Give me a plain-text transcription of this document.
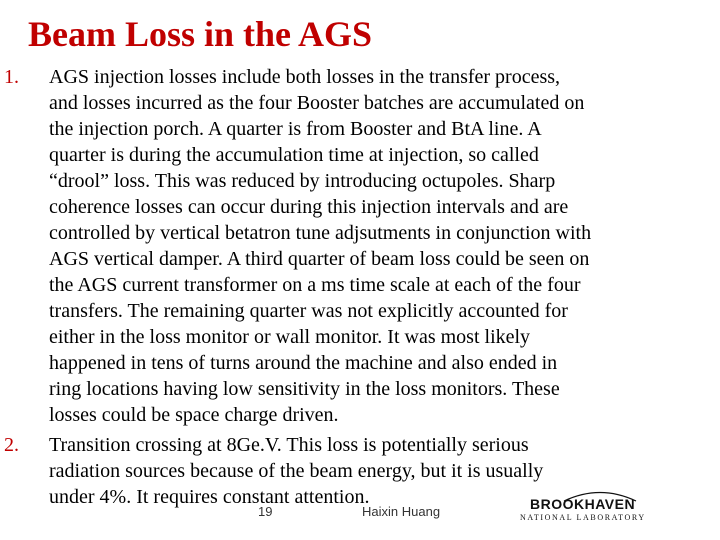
Beam Loss in the AGS
1.	AGS injection losses include both losses in the transfer process,
and losses incurred as the four Booster batches are accumulated on
the injection porch. A quarter is from Booster and BtA line. A
quarter is during the accumulation time at injection, so called
“drool” loss. This was reduced by introducing octupoles. Sharp
coherence losses can occur during this injection intervals and are
controlled by vertical betatron tune adjsutments in conjunction with
AGS vertical damper. A third quarter of beam loss could be seen on
the AGS current transformer on a ms time scale at each of the four
transfers. The remaining quarter was not explicitly accounted for
either in the loss monitor or wall monitor. It was most likely
happened in tens of turns around the machine and also ended in
ring locations having low sensitivity in the loss monitors. These
losses could be space charge driven.
2.	Transition crossing at 8Ge.V. This loss is potentially serious
radiation sources because of the beam energy, but it is usually
under 4%. It requires constant attention.
19	Haixin Huang	BROOKHAVEN
NATIONAL LABORATORY
